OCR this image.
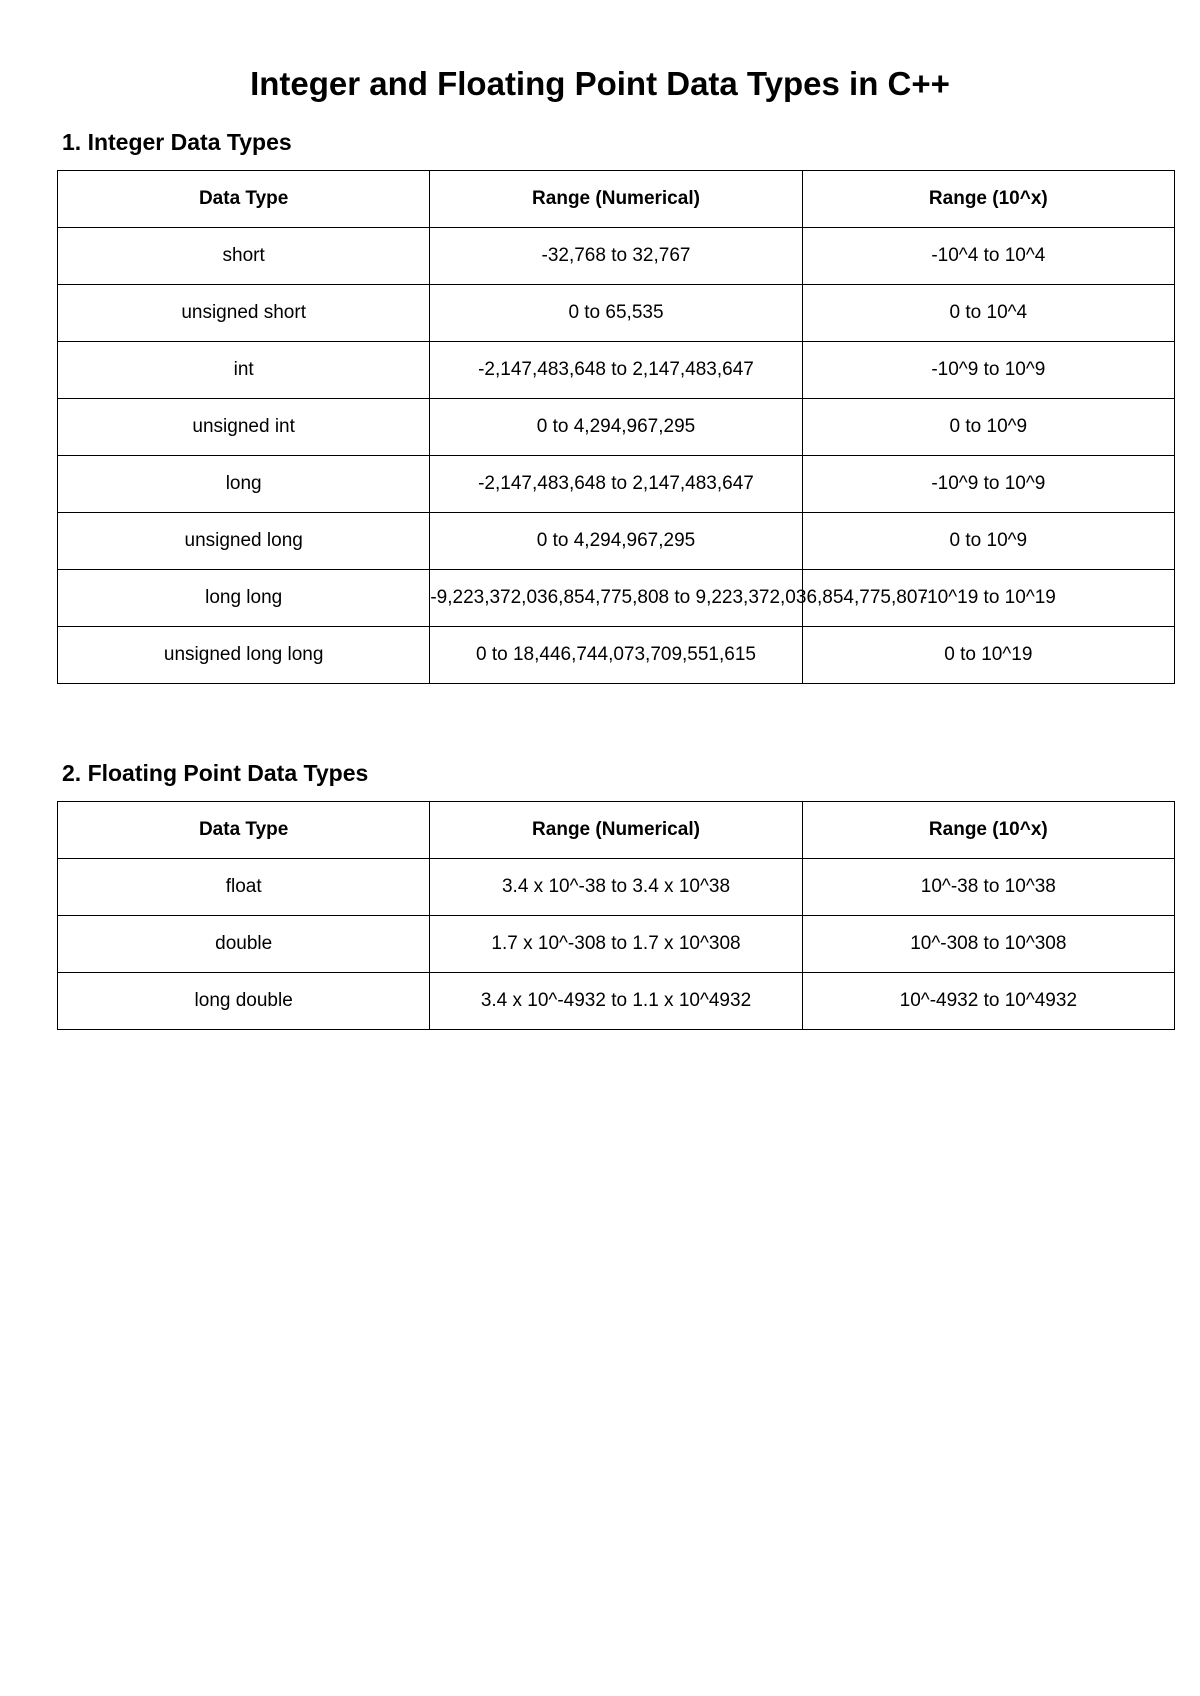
Integer and Floating Point Data Types in C++
1. Integer Data Types
Data Type	Range (Numerical)	Range (10^x)
short	-32,768 to 32,767	-10^4 to 10^4
unsigned short	0 to 65,535	0 to 10^4
int	-2,147,483,648 to 2,147,483,647	-10^9 to 10^9
unsigned int	0 to 4,294,967,295	0 to 10^9
long	-2,147,483,648 to 2,147,483,647	-10^9 to 10^9
unsigned long	0 to 4,294,967,295	0 to 10^9
long long	-9,223,372,036,854,775,808 to 9,223,372,036,854,775,807	-10^19 to 10^19
unsigned long long	0 to 18,446,744,073,709,551,615	0 to 10^19
2. Floating Point Data Types
Data Type	Range (Numerical)	Range (10^x)
float	3.4 x 10^-38 to 3.4 x 10^38	10^-38 to 10^38
double	1.7 x 10^-308 to 1.7 x 10^308	10^-308 to 10^308
long double	3.4 x 10^-4932 to 1.1 x 10^4932	10^-4932 to 10^4932
